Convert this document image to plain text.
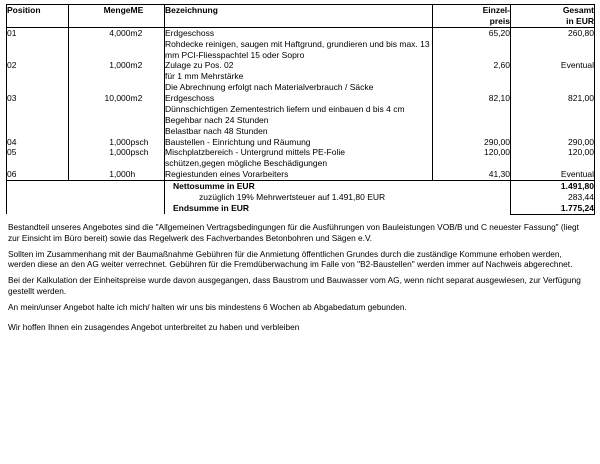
Position	Menge	ME	Bezeichnung	Einzel-
preis	Gesamt
in EUR
01	4,000	m2	Erdgeschoss
Rohdecke reinigen, saugen mit Haftgrund, grundieren und bis max. 13 mm PCI-Fliesspachtel 15 oder Sopro	65,20	260,80
02	1,000	m2	Zulage zu Pos. 02
für 1 mm Mehrstärke
Die Abrechnung erfolgt nach Materialverbrauch / Säcke	2,60	Eventual
03	10,000	m2	Erdgeschoss
Dünnschichtigen Zementestrich liefern und einbauen d bis 4 cm
Begehbar nach 24 Stunden
Belastbar nach 48 Stunden	82,10	821,00
04	1,000	psch	Baustellen - Einrichtung und Räumung	290,00	290,00
05	1,000	psch	Mischplatzbereich - Untergrund mittels PE-Folie
schützen,gegen mögliche Beschädigungen	120,00	120,00
06	1,000	h	Regiestunden eines Vorarbeiters	41,30	Eventual
			Nettosumme in EUR		1.491,80
			zuzüglich 19% Mehrwertsteuer auf 1.491,80 EUR		283,44
			Endsumme in EUR		1.775,24

Bestandteil unseres Angebotes sind die "Allgemeinen Vertragsbedingungen für die Ausführungen von Bauleistungen VOB/B und C neuester Fassung" (liegt zur Einsicht im Büro bereit) sowie das Regelwerk des Fachverbandes Betonbohren und Sägen e.V.

Sollten im Zusammenhang mit der Baumaßnahme Gebühren für die Anmietung öffentlichen Grundes durch die zuständige Kommune erhoben werden, werden diese an den AG weiter verrechnet. Gebühren für die Fremdüberwachung im Falle von "B2-Baustellen" werden immer auf Nachweis abgerechnet.

Bei der Kalkulation der Einheitspreise wurde davon ausgegangen, dass Baustrom und Bauwasser vom AG, wenn nicht separat ausgewiesen, zur Verfügung gestellt werden.

An mein/unser Angebot halte ich mich/ halten wir uns bis mindestens 6 Wochen ab Abgabedatum gebunden.

Wir hoffen Ihnen ein zusagendes Angebot unterbreitet zu haben und verbleiben
